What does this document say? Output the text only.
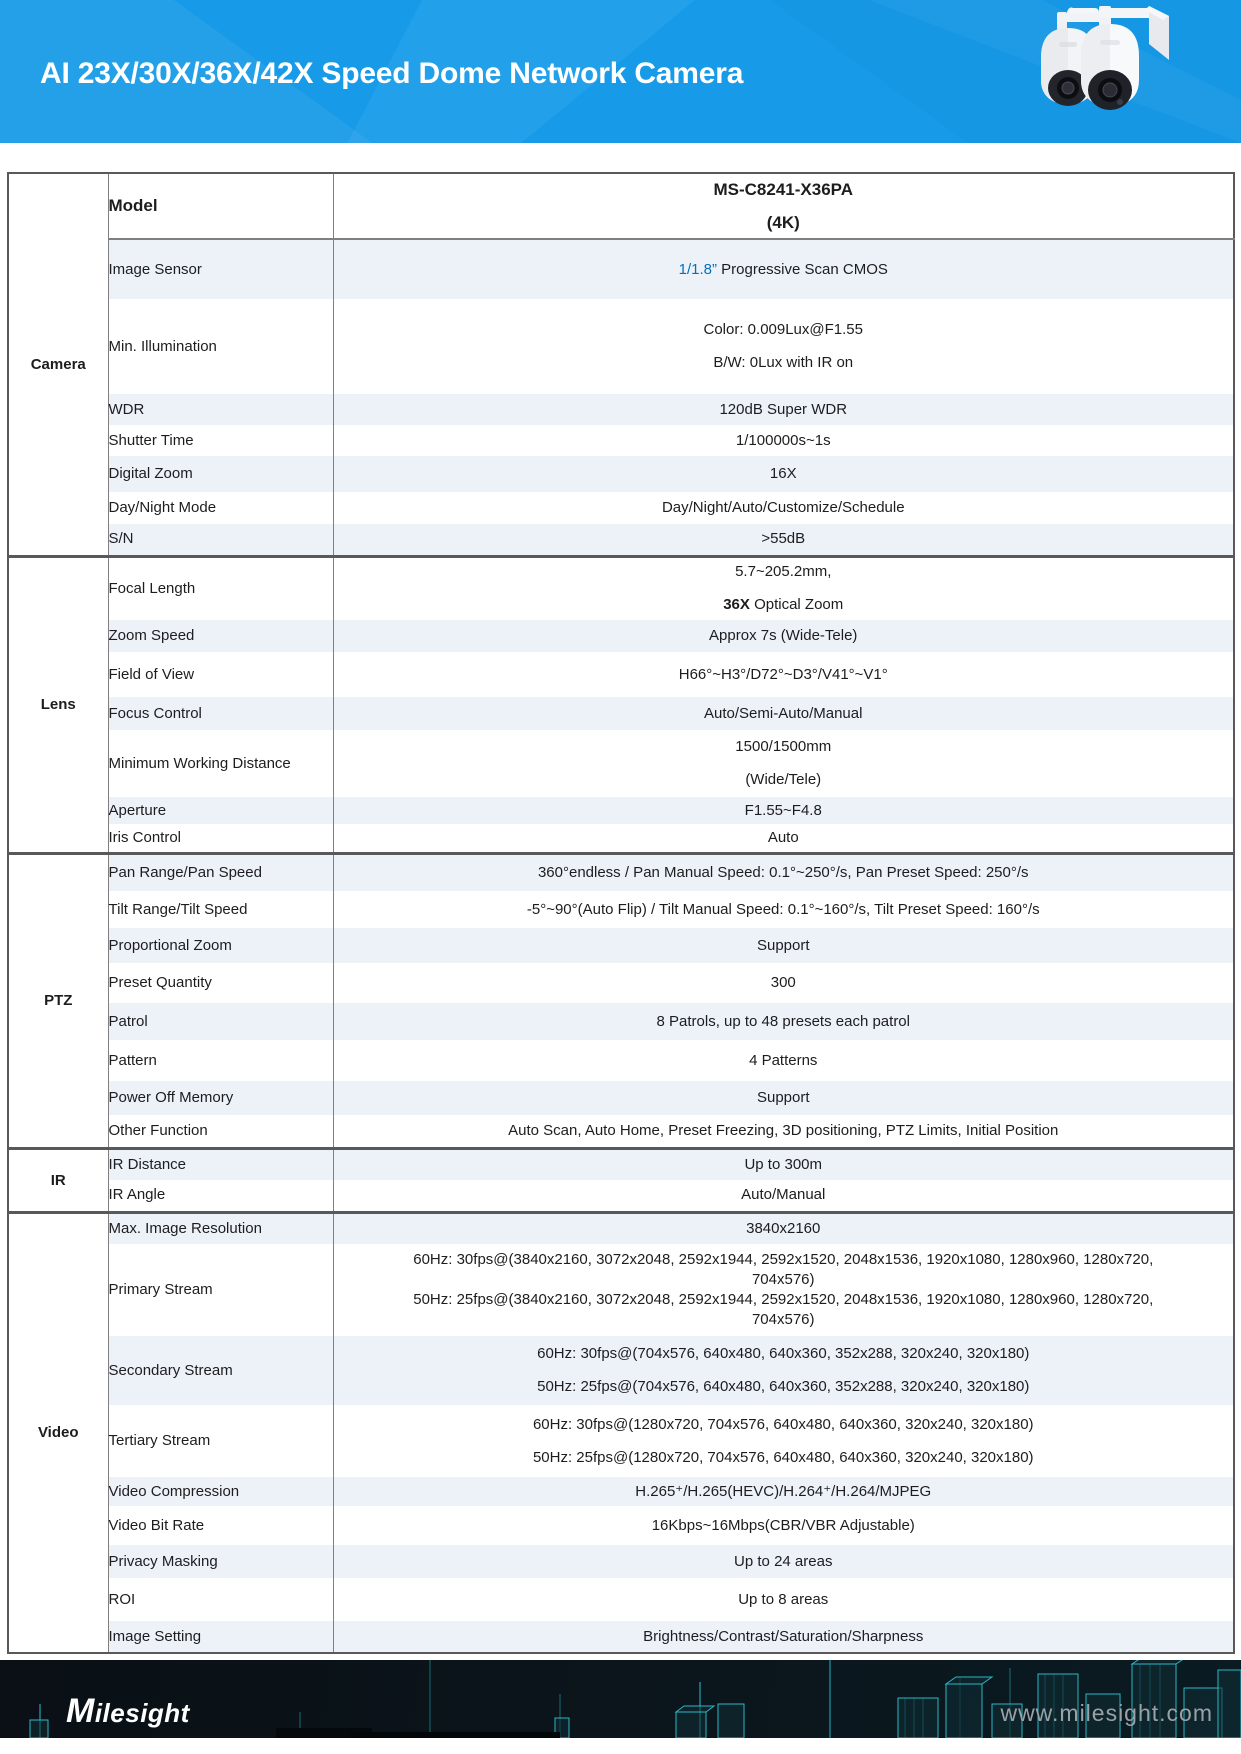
AI 23X/30X/36X/42X Speed Dome Network Camera
Camera	Model	MS-C8241-X36PA
(4K)

	Image Sensor	1/1.8” Progressive Scan CMOS

	Min. Illumination	Color: 0.009Lux@F1.55
B/W: 0Lux with IR on

	WDR	120dB Super WDR

	Shutter Time	1/100000s~1s

	Digital Zoom	16X

	Day/Night Mode	Day/Night/Auto/Customize/Schedule

	S/N	>55dB

Lens	Focal Length	5.7~205.2mm,
36X Optical Zoom

	Zoom Speed	Approx 7s (Wide-Tele)

	Field of View	H66°~H3°/D72°~D3°/V41°~V1°

	Focus Control	Auto/Semi-Auto/Manual

	Minimum Working Distance	1500/1500mm
(Wide/Tele)

	Aperture	F1.55~F4.8

	Iris Control	Auto

PTZ	Pan Range/Pan Speed	360°endless / Pan Manual Speed: 0.1°~250°/s, Pan Preset Speed: 250°/s

	Tilt Range/Tilt Speed	-5°~90°(Auto Flip) / Tilt Manual Speed: 0.1°~160°/s, Tilt Preset Speed: 160°/s

	Proportional Zoom	Support

	Preset Quantity	300

	Patrol	8 Patrols, up to 48 presets each patrol

	Pattern	4 Patterns

	Power Off Memory	Support

	Other Function	Auto Scan, Auto Home, Preset Freezing, 3D positioning, PTZ Limits, Initial Position

IR	IR Distance	Up to 300m

	IR Angle	Auto/Manual

Video	Max. Image Resolution	3840x2160

	Primary Stream	60Hz: 30fps@(3840x2160, 3072x2048, 2592x1944, 2592x1520, 2048x1536, 1920x1080, 1280x960, 1280x720,
704x576)
50Hz: 25fps@(3840x2160, 3072x2048, 2592x1944, 2592x1520, 2048x1536, 1920x1080, 1280x960, 1280x720,
704x576)

	Secondary Stream	60Hz: 30fps@(704x576, 640x480, 640x360, 352x288, 320x240, 320x180)
50Hz: 25fps@(704x576, 640x480, 640x360, 352x288, 320x240, 320x180)

	Tertiary Stream	60Hz: 30fps@(1280x720, 704x576, 640x480, 640x360, 320x240, 320x180)
50Hz: 25fps@(1280x720, 704x576, 640x480, 640x360, 320x240, 320x180)

	Video Compression	H.265⁺/H.265(HEVC)/H.264⁺/H.264/MJPEG

	Video Bit Rate	16Kbps~16Mbps(CBR/VBR Adjustable)

	Privacy Masking	Up to 24 areas

	ROI	Up to 8 areas

	Image Setting	Brightness/Contrast/Saturation/Sharpness
Milesight	www.milesight.com
